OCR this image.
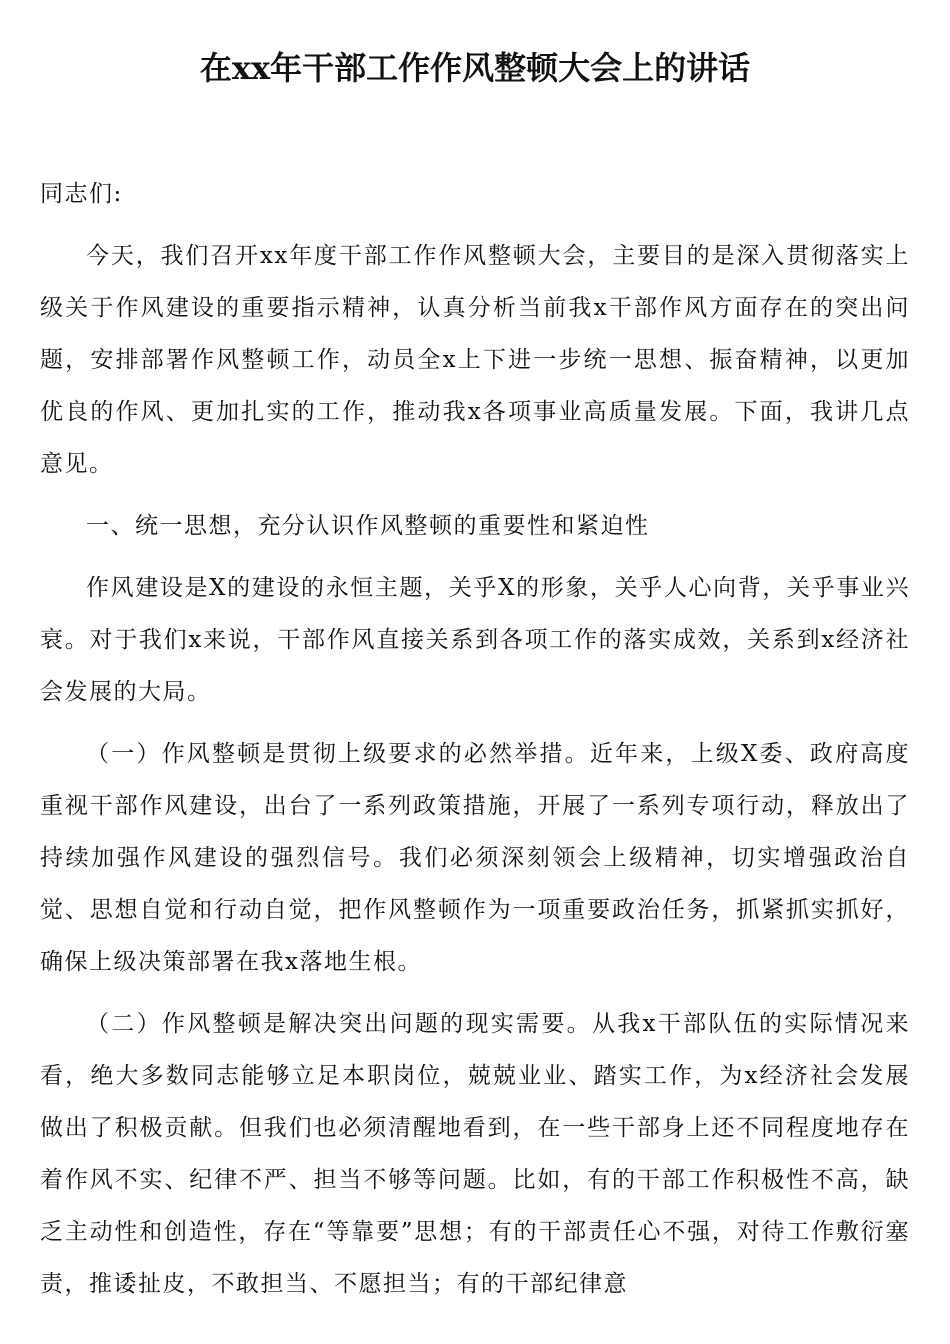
在xx年干部工作作风整顿大会上的讲话

同志们:

今天，我们召开xx年度干部工作作风整顿大会，主要目的是深入贯彻落实上级关于作风建设的重要指示精神，认真分析当前我x干部作风方面存在的突出问题，安排部署作风整顿工作，动员全x上下进一步统一思想、振奋精神，以更加优良的作风、更加扎实的工作，推动我x各项事业高质量发展。下面，我讲几点意见。

一、统一思想，充分认识作风整顿的重要性和紧迫性

作风建设是X的建设的永恒主题，关乎X的形象，关乎人心向背，关乎事业兴衰。对于我们x来说，干部作风直接关系到各项工作的落实成效，关系到x经济社会发展的大局。

（一）作风整顿是贯彻上级要求的必然举措。近年来，上级X委、政府高度重视干部作风建设，出台了一系列政策措施，开展了一系列专项行动，释放出了持续加强作风建设的强烈信号。我们必须深刻领会上级精神，切实增强政治自觉、思想自觉和行动自觉，把作风整顿作为一项重要政治任务，抓紧抓实抓好，确保上级决策部署在我x落地生根。

（二）作风整顿是解决突出问题的现实需要。从我x干部队伍的实际情况来看，绝大多数同志能够立足本职岗位，兢兢业业、踏实工作，为x经济社会发展做出了积极贡献。但我们也必须清醒地看到，在一些干部身上还不同程度地存在着作风不实、纪律不严、担当不够等问题。比如，有的干部工作积极性不高，缺乏主动性和创造性，存在“等靠要”思想；有的干部责任心不强，对待工作敷衍塞责，推诿扯皮，不敢担当、不愿担当；有的干部纪律意
